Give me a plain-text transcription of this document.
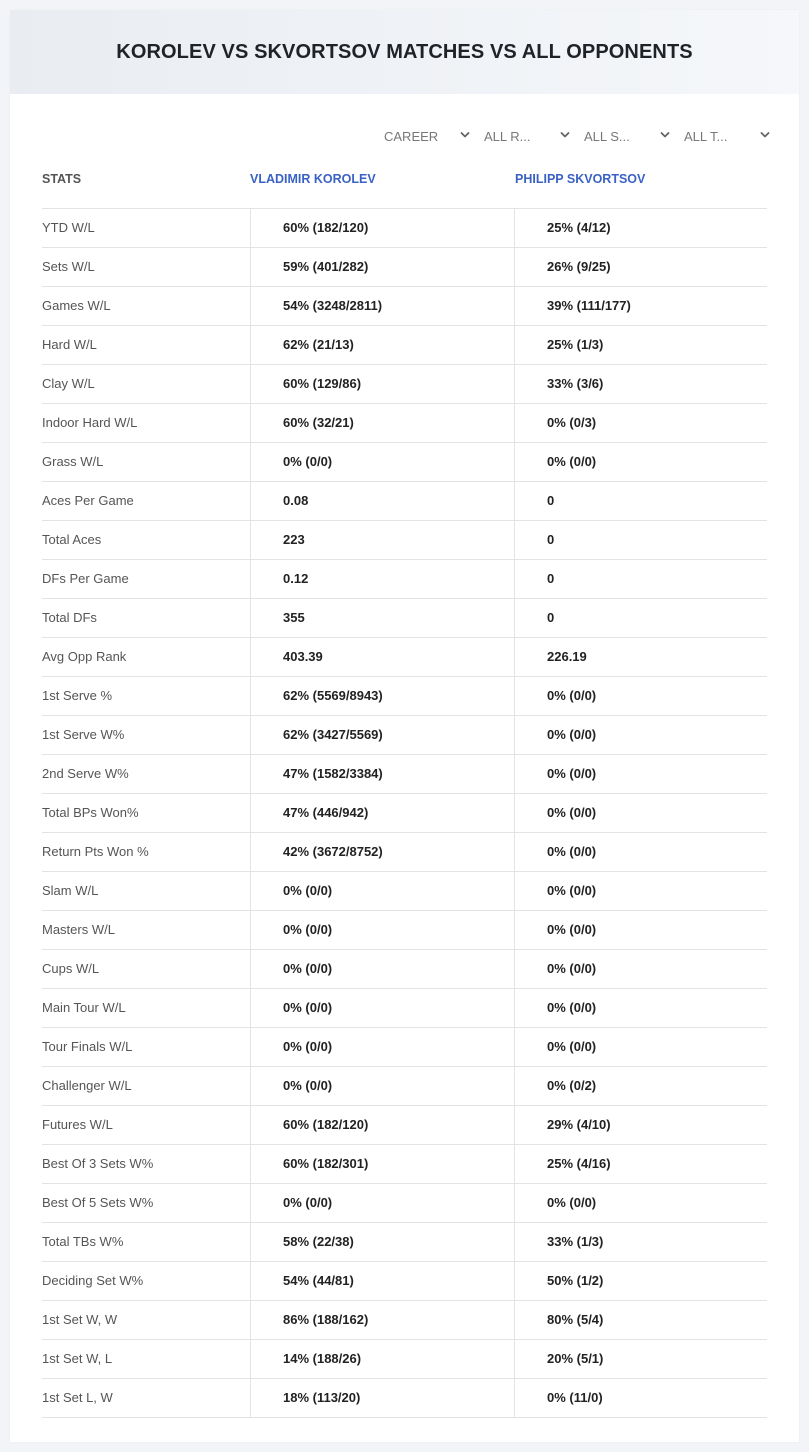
KOROLEV VS SKVORTSOV MATCHES VS ALL OPPONENTS
CAREER	ALL R...	ALL S...	ALL T...
STATS	VLADIMIR KOROLEV	PHILIPP SKVORTSOV
YTD W/L	60% (182/120)	25% (4/12)
Sets W/L	59% (401/282)	26% (9/25)
Games W/L	54% (3248/2811)	39% (111/177)
Hard W/L	62% (21/13)	25% (1/3)
Clay W/L	60% (129/86)	33% (3/6)
Indoor Hard W/L	60% (32/21)	0% (0/3)
Grass W/L	0% (0/0)	0% (0/0)
Aces Per Game	0.08	0
Total Aces	223	0
DFs Per Game	0.12	0
Total DFs	355	0
Avg Opp Rank	403.39	226.19
1st Serve %	62% (5569/8943)	0% (0/0)
1st Serve W%	62% (3427/5569)	0% (0/0)
2nd Serve W%	47% (1582/3384)	0% (0/0)
Total BPs Won%	47% (446/942)	0% (0/0)
Return Pts Won %	42% (3672/8752)	0% (0/0)
Slam W/L	0% (0/0)	0% (0/0)
Masters W/L	0% (0/0)	0% (0/0)
Cups W/L	0% (0/0)	0% (0/0)
Main Tour W/L	0% (0/0)	0% (0/0)
Tour Finals W/L	0% (0/0)	0% (0/0)
Challenger W/L	0% (0/0)	0% (0/2)
Futures W/L	60% (182/120)	29% (4/10)
Best Of 3 Sets W%	60% (182/301)	25% (4/16)
Best Of 5 Sets W%	0% (0/0)	0% (0/0)
Total TBs W%	58% (22/38)	33% (1/3)
Deciding Set W%	54% (44/81)	50% (1/2)
1st Set W, W	86% (188/162)	80% (5/4)
1st Set W, L	14% (188/26)	20% (5/1)
1st Set L, W	18% (113/20)	0% (11/0)
